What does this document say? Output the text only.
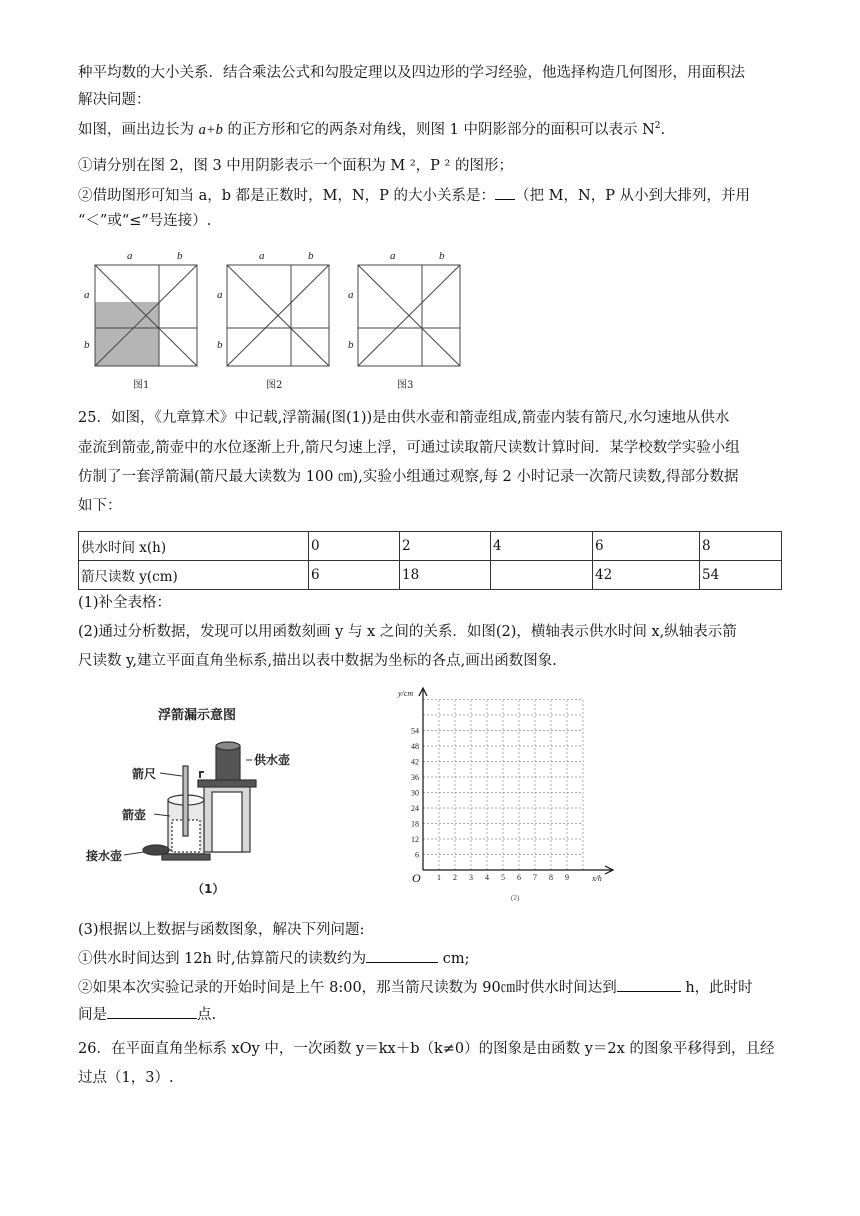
种平均数的大小关系．结合乘法公式和勾股定理以及四边形的学习经验，他选择构造几何图形，用面积法
解决问题：
如图，画出边长为 a+b 的正方形和它的两条对角线，则图 1 中阴影部分的面积可以表示 $N^2$.
①请分别在图 2，图 3 中用阴影表示一个面积为 M ²，P ² 的图形；
②借助图形可知当 a，b 都是正数时，M，N，P 的大小关系是： （把 M，N，P 从小到大排列，并用
“＜”或“≤”号连接）.
a	b
a
b
a	b
a
b
a	b
a
b
图1	图2	图3
25．如图，《九章算术》中记载,浮箭漏(图(1))是由供水壶和箭壶组成,箭壶内装有箭尺,水匀速地从供水
壶流到箭壶,箭壶中的水位逐渐上升,箭尺匀速上浮，可通过读取箭尺读数计算时间．某学校数学实验小组
仿制了一套浮箭漏(箭尺最大读数为 100 ㎝),实验小组通过观察,每 2 小时记录一次箭尺读数,得部分数据
如下：
供水时间 x(h)	0	2	4	6	8
箭尺读数 y(cm)	6	18		42	54
(1)补全表格：
(2)通过分析数据，发现可以用函数刻画 y 与 x 之间的关系．如图(2)，横轴表示供水时间 x,纵轴表示箭
尺读数 y,建立平面直角坐标系,描出以表中数据为坐标的各点,画出函数图象.
浮箭漏示意图
箭尺
供水壶
箭壶
接水壶
（1）
6
12
18
24
30
36
42
48
54
1 2 3 4 5 6 7 8 9
y/cm
x/h
O
(2)
(3)根据以上数据与函数图象，解决下列问题:
①供水时间达到 12h 时,估算箭尺的读数约为	cm;
②如果本次实验记录的开始时间是上午 8:00，那当箭尺读数为 90㎝时供水时间达到	h，此时时
间是	点.
26．在平面直角坐标系 xOy 中，一次函数 y＝kx＋b（k≠0）的图象是由函数 y＝2x 的图象平移得到，且经
过点（1，3）.
